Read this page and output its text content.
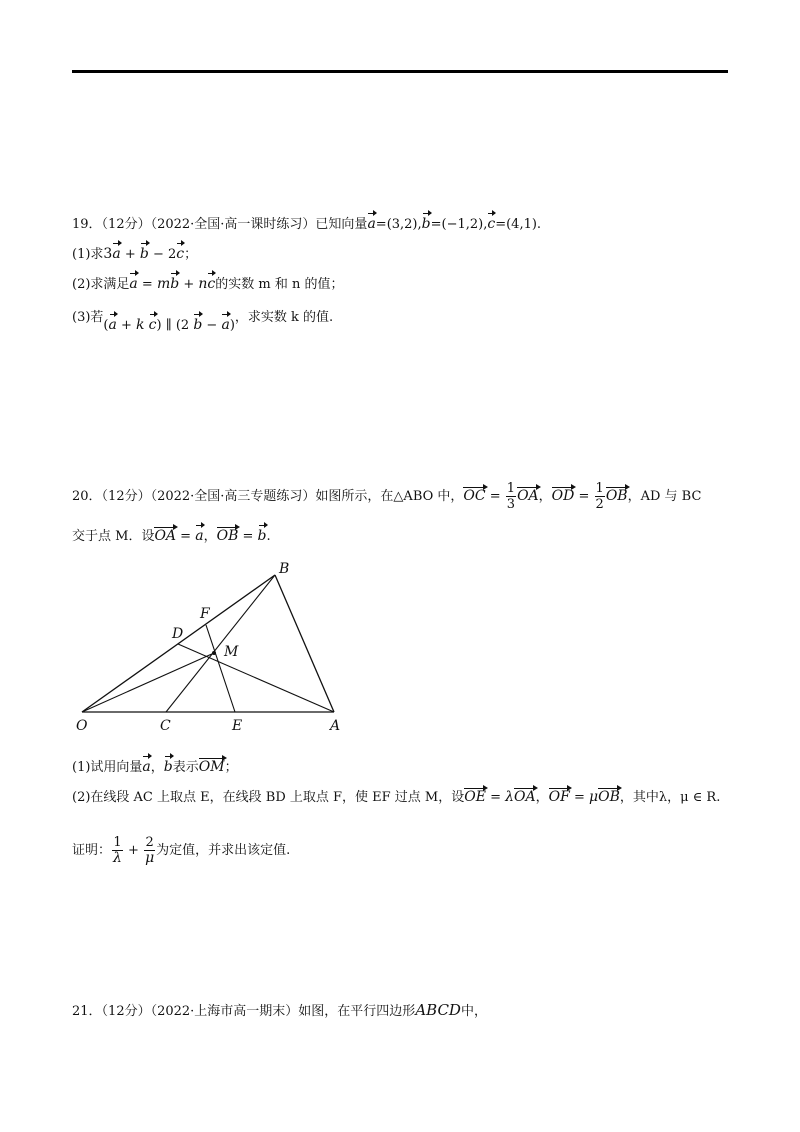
19．（12分）（2022·全国·高一课时练习）已知向量a=(3,2),b=(−1,2),c=(4,1).
(1)求3a + b − 2c；
(2)求满足a = mb + nc的实数 m 和 n 的值；
(3)若(a + k c) ∥ (2 b − a)，求实数 k 的值.
20．（12分）（2022·全国·高三专题练习）如图所示，在△ABO 中，OC = $\frac{1}{3}$ OA，OD = $\frac{1}{2}$ OB，AD 与 BC
交于点 M．设OA = a，OB = b.
B
F
D
M
O	C	E	A
(1)试用向量a，b表示OM；
(2)在线段 AC 上取点 E，在线段 BD 上取点 F，使 EF 过点 M，设OE = λOA，OF = μOB，其中λ，μ ∈ R.
证明： $\frac{1}{\lambda} + \frac{2}{\mu}$ 为定值，并求出该定值.
21．（12分）（2022·上海市高一期末）如图，在平行四边形ABCD中，
